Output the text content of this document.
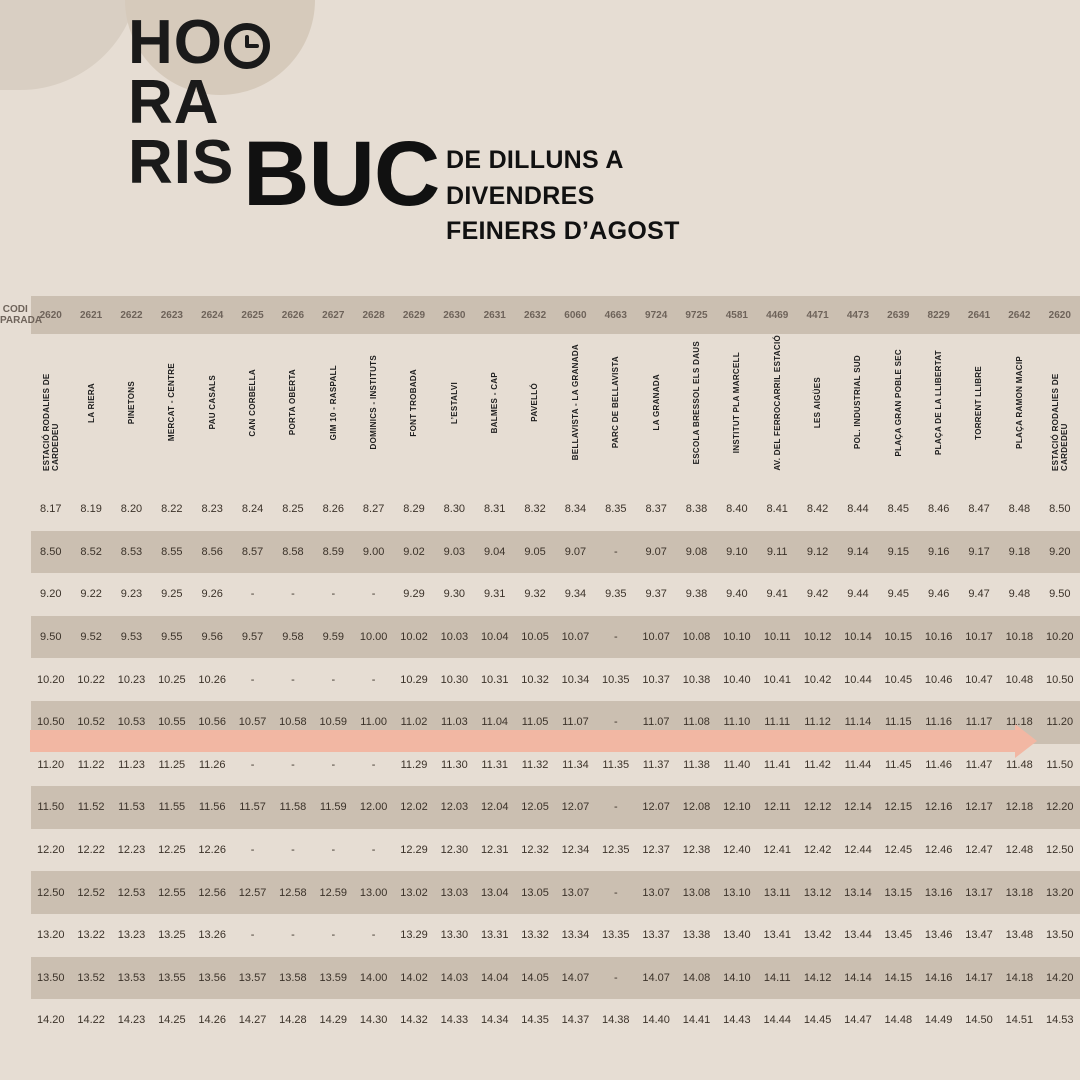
HO
RA
RIS BUC DE DILLUNS A
DIVENDRES
FEINERS D’AGOST
CODI
PARADA	2620	2621	2622	2623	2624	2625	2626	2627	2628	2629	2630	2631	2632	6060	4663	9724	9725	4581	4469	4471	4473	2639	8229	2641	2642	2620
	ESTACIÓ RODALIES DE CARDEDEU	LA RIERA	PINETONS	MERCAT - CENTRE	PAU CASALS	CAN CORBELLA	PORTA OBERTA	GIM 10 - RASPALL	DOMINICS - INSTITUTS	FONT TROBADA	L’ESTALVI	BALMES - CAP	PAVELLÓ	BELLAVISTA - LA GRANADA	PARC DE BELLAVISTA	LA GRANADA	ESCOLA BRESSOL ELS DAUS	INSTITUT PLA MARCELL	AV. DEL FERROCARRIL ESTACIÓ	LES AIGÜES	POL. INDUSTRIAL SUD	PLAÇA GRAN POBLE SEC	PLAÇA DE LA LLIBERTAT	TORRENT LLIBRE	PLAÇA RAMON MACIP	ESTACIÓ RODALIES DE CARDEDEU

	8.17	8.19	8.20	8.22	8.23	8.24	8.25	8.26	8.27	8.29	8.30	8.31	8.32	8.34	8.35	8.37	8.38	8.40	8.41	8.42	8.44	8.45	8.46	8.47	8.48	8.50
	8.50	8.52	8.53	8.55	8.56	8.57	8.58	8.59	9.00	9.02	9.03	9.04	9.05	9.07	-	9.07	9.08	9.10	9.11	9.12	9.14	9.15	9.16	9.17	9.18	9.20
	9.20	9.22	9.23	9.25	9.26	-	-	-	-	9.29	9.30	9.31	9.32	9.34	9.35	9.37	9.38	9.40	9.41	9.42	9.44	9.45	9.46	9.47	9.48	9.50
	9.50	9.52	9.53	9.55	9.56	9.57	9.58	9.59	10.00	10.02	10.03	10.04	10.05	10.07	-	10.07	10.08	10.10	10.11	10.12	10.14	10.15	10.16	10.17	10.18	10.20
	10.20	10.22	10.23	10.25	10.26	-	-	-	-	10.29	10.30	10.31	10.32	10.34	10.35	10.37	10.38	10.40	10.41	10.42	10.44	10.45	10.46	10.47	10.48	10.50
	10.50	10.52	10.53	10.55	10.56	10.57	10.58	10.59	11.00	11.02	11.03	11.04	11.05	11.07	-	11.07	11.08	11.10	11.11	11.12	11.14	11.15	11.16	11.17	11.18	11.20
	11.20	11.22	11.23	11.25	11.26	-	-	-	-	11.29	11.30	11.31	11.32	11.34	11.35	11.37	11.38	11.40	11.41	11.42	11.44	11.45	11.46	11.47	11.48	11.50
	11.50	11.52	11.53	11.55	11.56	11.57	11.58	11.59	12.00	12.02	12.03	12.04	12.05	12.07	-	12.07	12.08	12.10	12.11	12.12	12.14	12.15	12.16	12.17	12.18	12.20
	12.20	12.22	12.23	12.25	12.26	-	-	-	-	12.29	12.30	12.31	12.32	12.34	12.35	12.37	12.38	12.40	12.41	12.42	12.44	12.45	12.46	12.47	12.48	12.50
	12.50	12.52	12.53	12.55	12.56	12.57	12.58	12.59	13.00	13.02	13.03	13.04	13.05	13.07	-	13.07	13.08	13.10	13.11	13.12	13.14	13.15	13.16	13.17	13.18	13.20
	13.20	13.22	13.23	13.25	13.26	-	-	-	-	13.29	13.30	13.31	13.32	13.34	13.35	13.37	13.38	13.40	13.41	13.42	13.44	13.45	13.46	13.47	13.48	13.50
	13.50	13.52	13.53	13.55	13.56	13.57	13.58	13.59	14.00	14.02	14.03	14.04	14.05	14.07	-	14.07	14.08	14.10	14.11	14.12	14.14	14.15	14.16	14.17	14.18	14.20
	14.20	14.22	14.23	14.25	14.26	14.27	14.28	14.29	14.30	14.32	14.33	14.34	14.35	14.37	14.38	14.40	14.41	14.43	14.44	14.45	14.47	14.48	14.49	14.50	14.51	14.53
